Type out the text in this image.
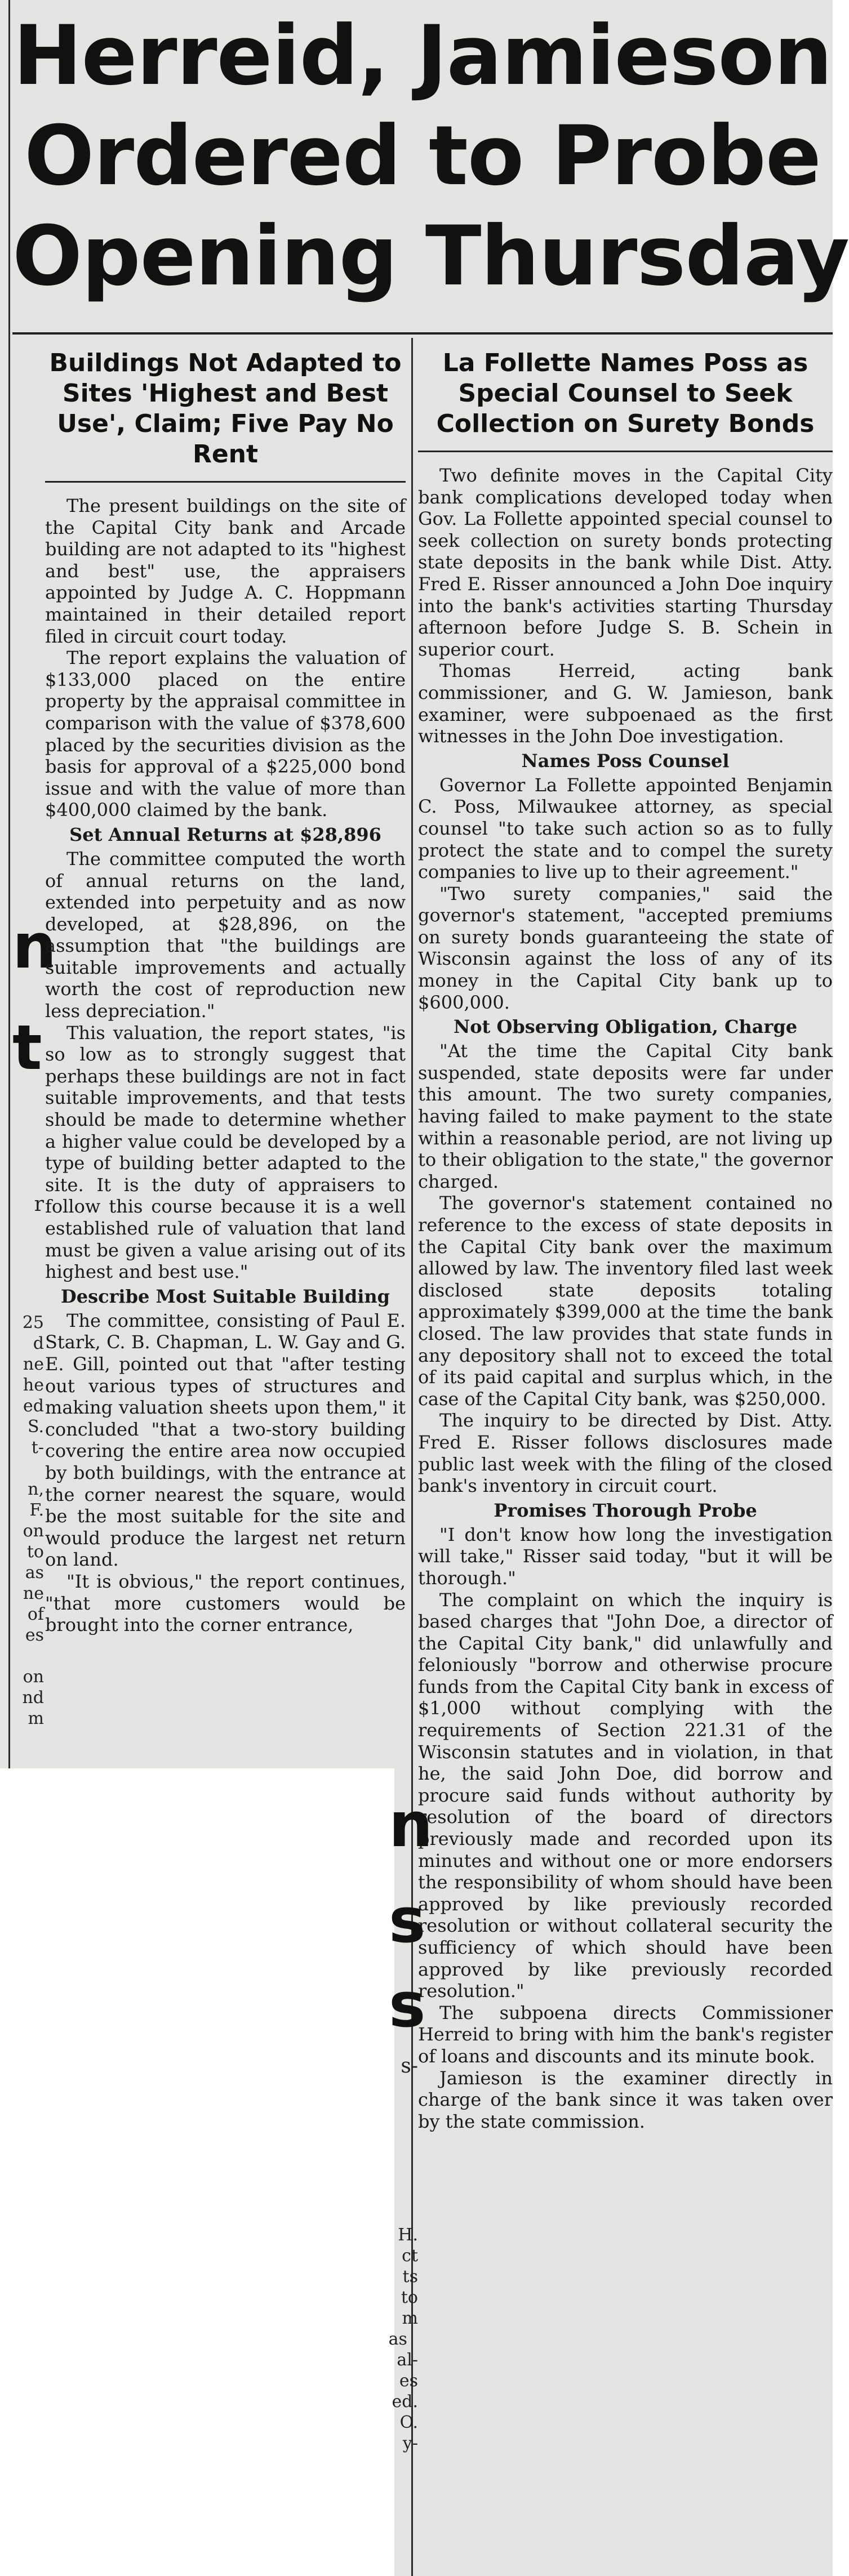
Herreid, Jamieson
Ordered to Probe
Opening Thursday
n
t
r
25
d
ne
he
ed
S.
t-

n,
F.
on
to
as
ne
of
es

on
nd
m
Buildings Not Adapted to Sites 'Highest and Best Use', Claim; Five Pay No Rent

The present buildings on the site of the Capital City bank and Arcade building are not adapted to its "highest and best" use, the appraisers appointed by Judge A. C. Hoppmann maintained in their detailed report filed in circuit court today.

The report explains the valuation of $133,000 placed on the entire property by the appraisal committee in comparison with the value of $378,600 placed by the securities division as the basis for approval of a $225,000 bond issue and with the value of more than $400,000 claimed by the bank.

Set Annual Returns at $28,896

The committee computed the worth of annual returns on the land, extended into perpetuity and as now developed, at $28,896, on the assumption that "the buildings are suitable improvements and actually worth the cost of reproduction new less depreciation."

This valuation, the report states, "is so low as to strongly suggest that perhaps these buildings are not in fact suitable improvements, and that tests should be made to determine whether a higher value could be developed by a type of building better adapted to the site. It is the duty of appraisers to follow this course because it is a well established rule of valuation that land must be given a value arising out of its highest and best use."

Describe Most Suitable Building

The committee, consisting of Paul E. Stark, C. B. Chapman, L. W. Gay and G. E. Gill, pointed out that "after testing out various types of structures and making valuation sheets upon them," it concluded "that a two-story building covering the entire area now occupied by both buildings, with the entrance at the corner nearest the square, would be the most suitable for the site and would produce the largest net return on land.

"It is obvious," the report continues, "that more customers would be brought into the corner entrance,

La Follette Names Poss as Special Counsel to Seek Collection on Surety Bonds

Two definite moves in the Capital City bank complications developed today when Gov. La Follette appointed special counsel to seek collection on surety bonds protecting state deposits in the bank while Dist. Atty. Fred E. Risser announced a John Doe inquiry into the bank's activities starting Thursday afternoon before Judge S. B. Schein in superior court.

Thomas Herreid, acting bank commissioner, and G. W. Jamieson, bank examiner, were subpoenaed as the first witnesses in the John Doe investigation.

Names Poss Counsel

Governor La Follette appointed Benjamin C. Poss, Milwaukee attorney, as special counsel "to take such action so as to fully protect the state and to compel the surety companies to live up to their agreement."

"Two surety companies," said the governor's statement, "accepted premiums on surety bonds guaranteeing the state of Wisconsin against the loss of any of its money in the Capital City bank up to $600,000.

Not Observing Obligation, Charge

"At the time the Capital City bank suspended, state deposits were far under this amount. The two surety companies, having failed to make payment to the state within a reasonable period, are not living up to their obligation to the state," the governor charged.

The governor's statement contained no reference to the excess of state deposits in the Capital City bank over the maximum allowed by law. The inventory filed last week disclosed state deposits totaling approximately $399,000 at the time the bank closed. The law provides that state funds in any depository shall not to exceed the total of its paid capital and surplus which, in the case of the Capital City bank, was $250,000.

The inquiry to be directed by Dist. Atty. Fred E. Risser follows disclosures made public last week with the filing of the closed bank's inventory in circuit court.

Promises Thorough Probe

"I don't know how long the investigation will take," Risser said today, "but it will be thorough."

The complaint on which the inquiry is based charges that "John Doe, a director of the Capital City bank," did unlawfully and feloniously "borrow and otherwise procure funds from the Capital City bank in excess of $1,000 without complying with the requirements of Section 221.31 of the Wisconsin statutes and in violation, in that he, the said John Doe, did borrow and procure said funds without authority by resolution of the board of directors previously made and recorded upon its minutes and without one or more endorsers the responsibility of whom should have been approved by like previously recorded resolution or without collateral security the sufficiency of which should have been approved by like previously recorded resolution."

The subpoena directs Commissioner Herreid to bring with him the bank's register of loans and discounts and its minute book.

Jamieson is the examiner directly in charge of the bank since it was taken over by the state commission.

n
s
s
s-
H. ct ts to m as   al- es ed. O. y-
